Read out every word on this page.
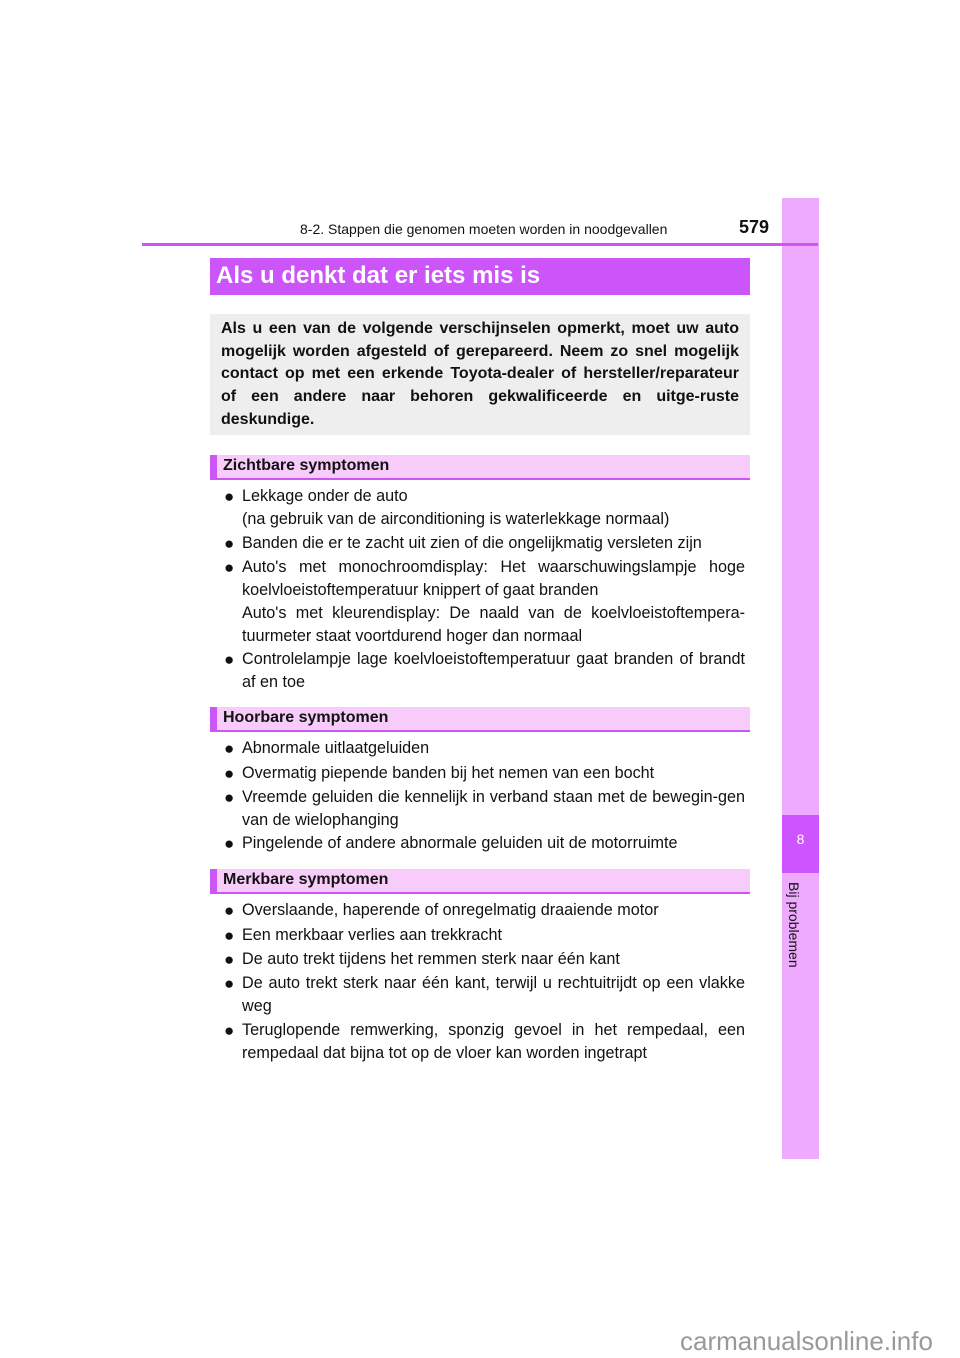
8
Bij problemen
8-2. Stappen die genomen moeten worden in noodgevallen	579
Als u denkt dat er iets mis is
Als u een van de volgende verschijnselen opmerkt, moet uw auto mogelijk worden afgesteld of gerepareerd. Neem zo snel mogelijk contact op met een erkende Toyota-dealer of hersteller/reparateur of een andere naar behoren gekwalificeerde en uitge-ruste deskundige.
Zichtbare symptomen
● Lekkage onder de auto
(na gebruik van de airconditioning is waterlekkage normaal)
● Banden die er te zacht uit zien of die ongelijkmatig versleten zijn
● Auto's met monochroomdisplay: Het waarschuwingslampje hoge koelvloeistoftemperatuur knippert of gaat branden
Auto's met kleurendisplay: De naald van de koelvloeistoftempera-tuurmeter staat voortdurend hoger dan normaal
● Controlelampje lage koelvloeistoftemperatuur gaat branden of brandt af en toe
Hoorbare symptomen
● Abnormale uitlaatgeluiden
● Overmatig piepende banden bij het nemen van een bocht
● Vreemde geluiden die kennelijk in verband staan met de bewegin-gen van de wielophanging
● Pingelende of andere abnormale geluiden uit de motorruimte
Merkbare symptomen
● Overslaande, haperende of onregelmatig draaiende motor
● Een merkbaar verlies aan trekkracht
● De auto trekt tijdens het remmen sterk naar één kant
● De auto trekt sterk naar één kant, terwijl u rechtuitrijdt op een vlakke weg
● Teruglopende remwerking, sponzig gevoel in het rempedaal, een rempedaal dat bijna tot op de vloer kan worden ingetrapt
carmanualsonline.info
